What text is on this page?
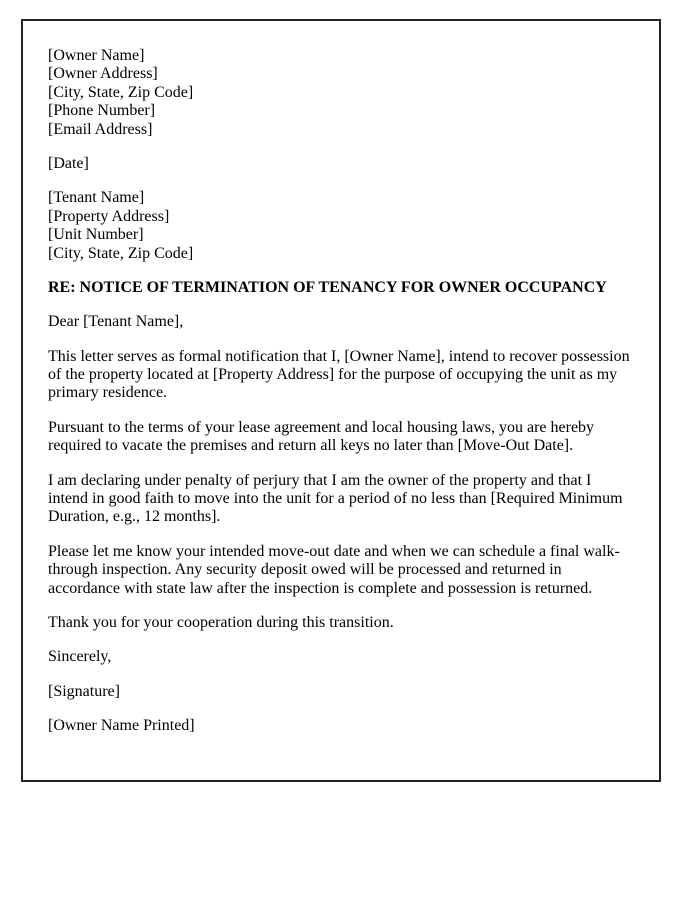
[Owner Name]
[Owner Address]
[City, State, Zip Code]
[Phone Number]
[Email Address]

[Date]

[Tenant Name]
[Property Address]
[Unit Number]
[City, State, Zip Code]

RE: NOTICE OF TERMINATION OF TENANCY FOR OWNER OCCUPANCY

Dear [Tenant Name],

This letter serves as formal notification that I, [Owner Name], intend to recover possession of the property located at [Property Address] for the purpose of occupying the unit as my primary residence.

Pursuant to the terms of your lease agreement and local housing laws, you are hereby required to vacate the premises and return all keys no later than [Move-Out Date].

I am declaring under penalty of perjury that I am the owner of the property and that I intend in good faith to move into the unit for a period of no less than [Required Minimum Duration, e.g., 12 months].

Please let me know your intended move-out date and when we can schedule a final walk-through inspection. Any security deposit owed will be processed and returned in accordance with state law after the inspection is complete and possession is returned.

Thank you for your cooperation during this transition.

Sincerely,

[Signature]

[Owner Name Printed]
